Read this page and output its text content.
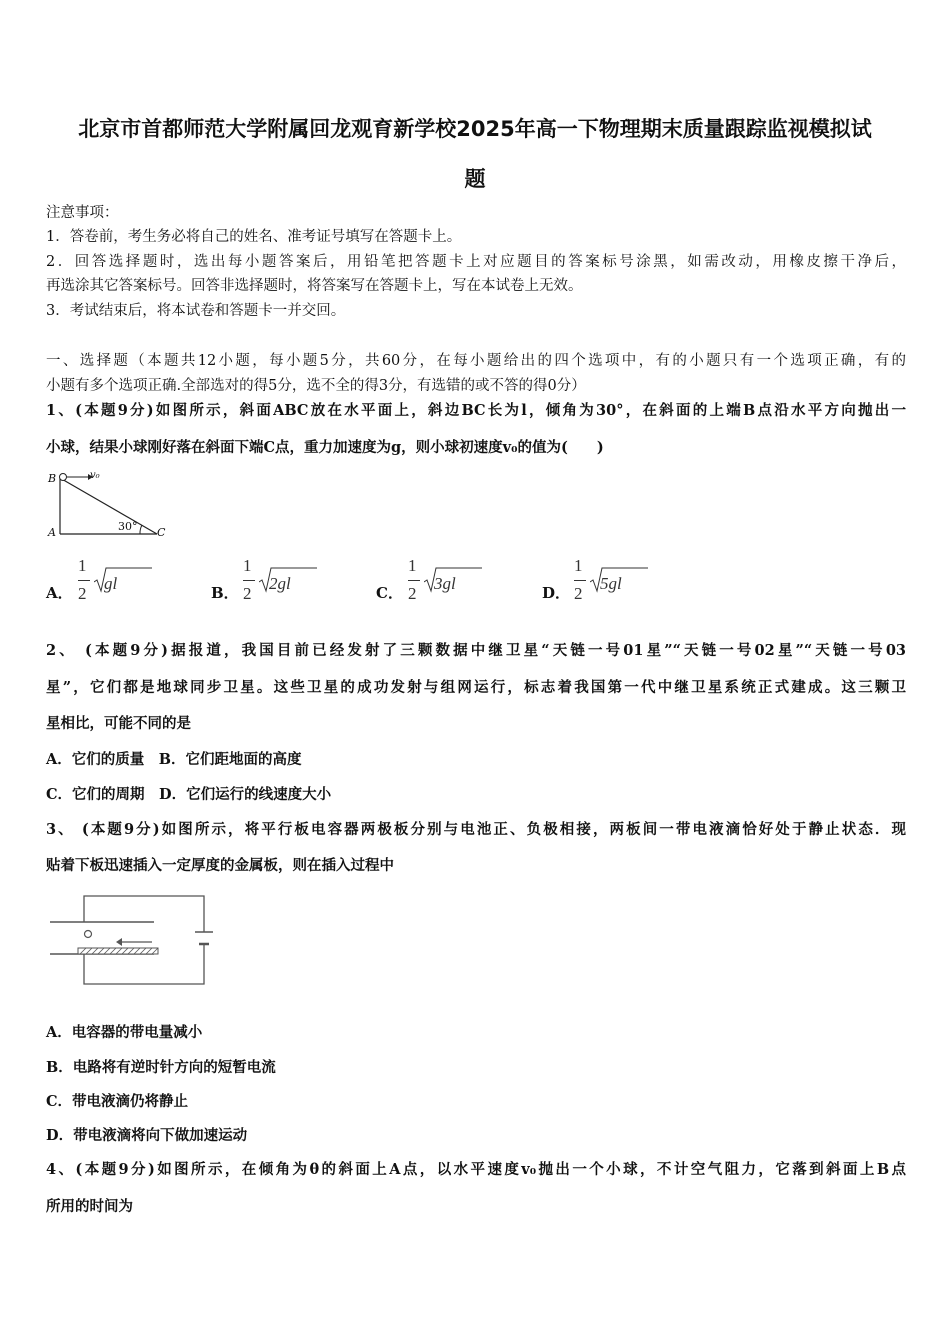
北京市首都师范大学附属回龙观育新学校2025年高一下物理期末质量跟踪监视模拟试
题
注意事项：
1．答卷前，考生务必将自己的姓名、准考证号填写在答题卡上。
2．回答选择题时，选出每小题答案后，用铅笔把答题卡上对应题目的答案标号涂黑，如需改动，用橡皮擦干净后，
再选涂其它答案标号。回答非选择题时，将答案写在答题卡上，写在本试卷上无效。
3．考试结束后，将本试卷和答题卡一并交回。
一、选择题（本题共12小题，每小题5分，共60分，在每小题给出的四个选项中，有的小题只有一个选项正确，有的
小题有多个选项正确.全部选对的得5分，选不全的得3分，有选错的或不答的得0分）
1、(本题9分)如图所示，斜面ABC放在水平面上，斜边BC长为l，倾角为30°，在斜面的上端B点沿水平方向抛出一
小球，结果小球刚好落在斜面下端C点，重力加速度为g，则小球初速度v₀的值为(　　)
B	v₀
A	C
30°
A．
1
2
gl	B．
1
2
2gl	C．
1
2
3gl	D．
1
2
5gl
2、 (本题9分)据报道，我国目前已经发射了三颗数据中继卫星“天链一号01星”“天链一号02星”“天链一号03
星”，它们都是地球同步卫星。这些卫星的成功发射与组网运行，标志着我国第一代中继卫星系统正式建成。这三颗卫
星相比，可能不同的是
A．它们的质量　B．它们距地面的高度
C．它们的周期　D．它们运行的线速度大小
3、 (本题9分)如图所示，将平行板电容器两极板分别与电池正、负极相接，两板间一带电液滴恰好处于静止状态．现
贴着下板迅速插入一定厚度的金属板，则在插入过程中
A．电容器的带电量减小
B．电路将有逆时针方向的短暂电流
C．带电液滴仍将静止
D．带电液滴将向下做加速运动
4、(本题9分)如图所示，在倾角为θ的斜面上A点，以水平速度v₀抛出一个小球，不计空气阻力，它落到斜面上B点
所用的时间为
